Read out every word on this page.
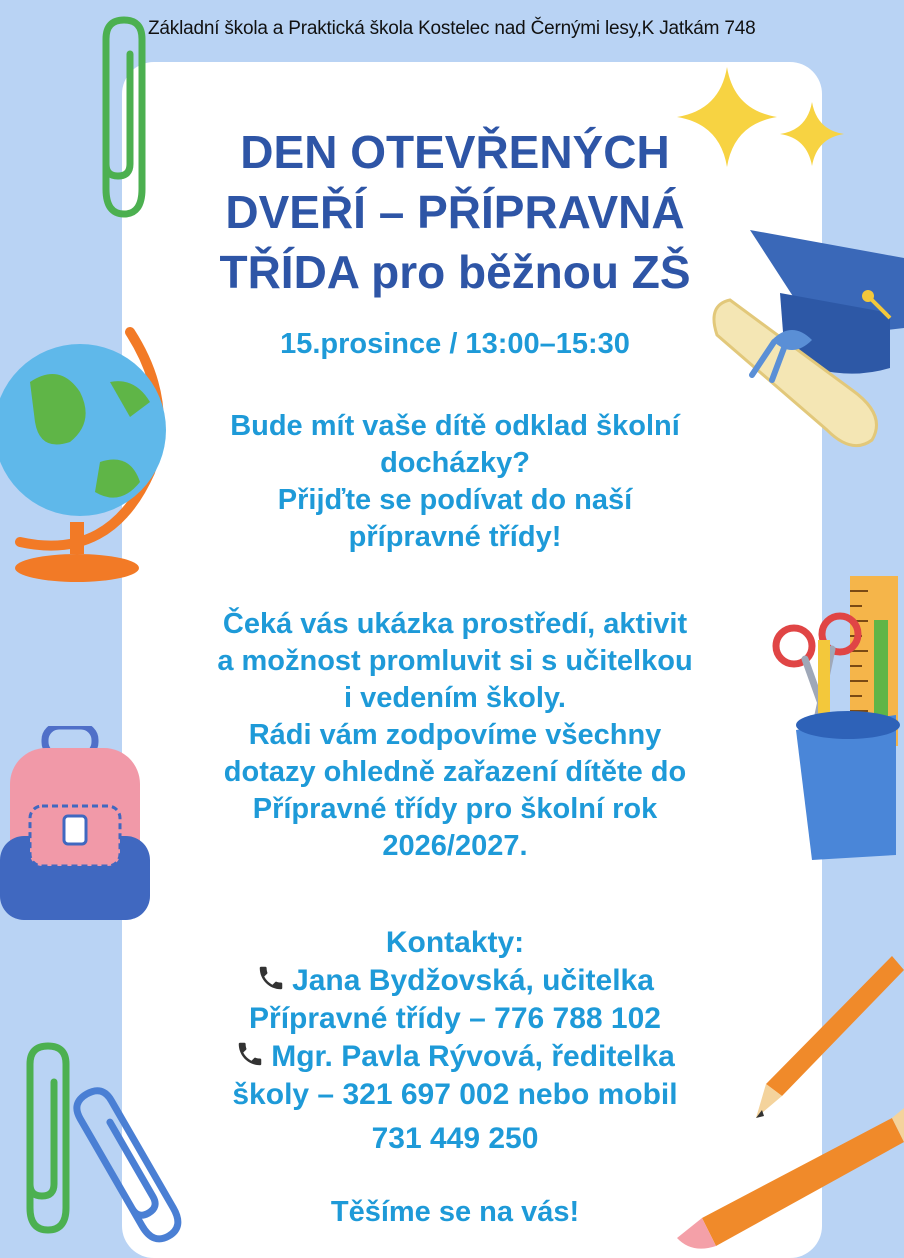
Základní škola a Praktická škola Kostelec nad Černými lesy,K Jatkám 748
DEN OTEVŘENÝCH
DVEŘÍ – PŘÍPRAVNÁ
TŘÍDA pro běžnou ZŠ
15.prosince / 13:00–15:30
Bude mít vaše dítě odklad školní
docházky?
Přijďte se podívat do naší
přípravné třídy!
Čeká vás ukázka prostředí, aktivit
a možnost promluvit si s učitelkou
i vedením školy.
Rádi vám zodpovíme všechny
dotazy ohledně zařazení dítěte do
Přípravné třídy pro školní rok
2026/2027.
Kontakty:
Jana Bydžovská, učitelka
Přípravné třídy – 776 788 102
Mgr. Pavla Rývová, ředitelka
školy – 321 697 002 nebo mobil
731 449 250
Těšíme se na vás!
